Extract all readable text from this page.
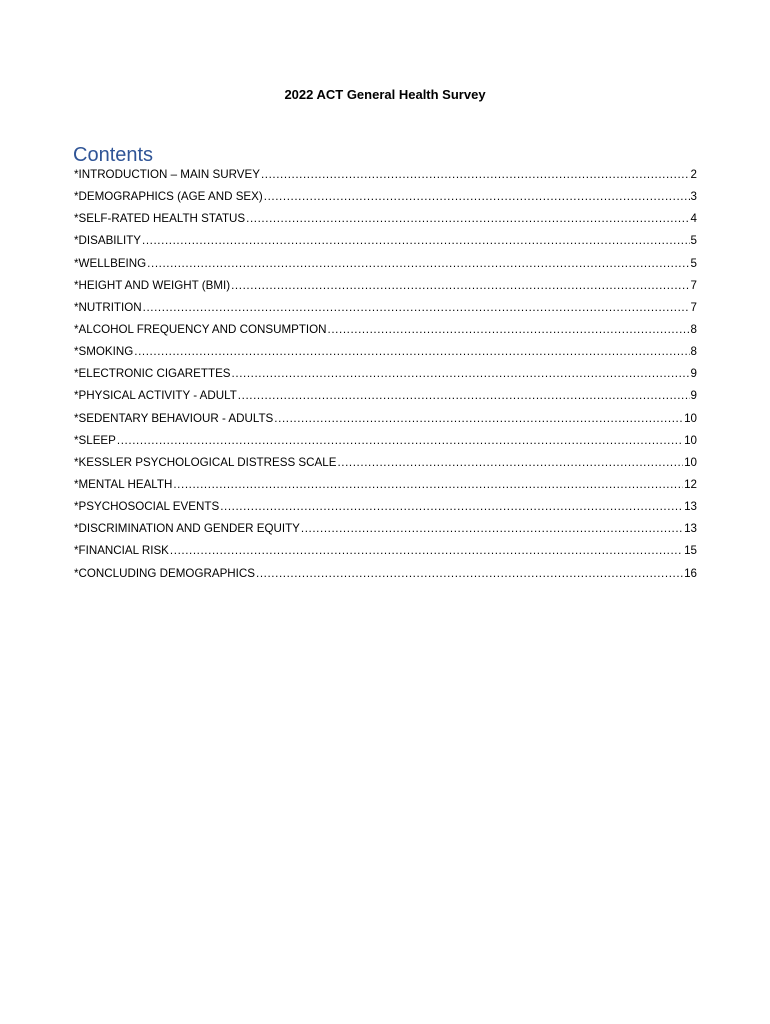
2022 ACT General Health Survey
Contents
*INTRODUCTION – MAIN SURVEY .....	2
*DEMOGRAPHICS (AGE AND SEX) .....	3
*SELF-RATED HEALTH STATUS .....	4
*DISABILITY .....	5
*WELLBEING .....	5
*HEIGHT AND WEIGHT (BMI) .....	7
*NUTRITION .....	7
*ALCOHOL FREQUENCY AND CONSUMPTION .....	8
*SMOKING .....	8
*ELECTRONIC CIGARETTES .....	9
*PHYSICAL ACTIVITY - ADULT .....	9
*SEDENTARY BEHAVIOUR - ADULTS .....	10
*SLEEP .....	10
*KESSLER PSYCHOLOGICAL DISTRESS SCALE .....	10
*MENTAL HEALTH .....	12
*PSYCHOSOCIAL EVENTS .....	13
*DISCRIMINATION AND GENDER EQUITY .....	13
*FINANCIAL RISK .....	15
*CONCLUDING DEMOGRAPHICS .....	16
